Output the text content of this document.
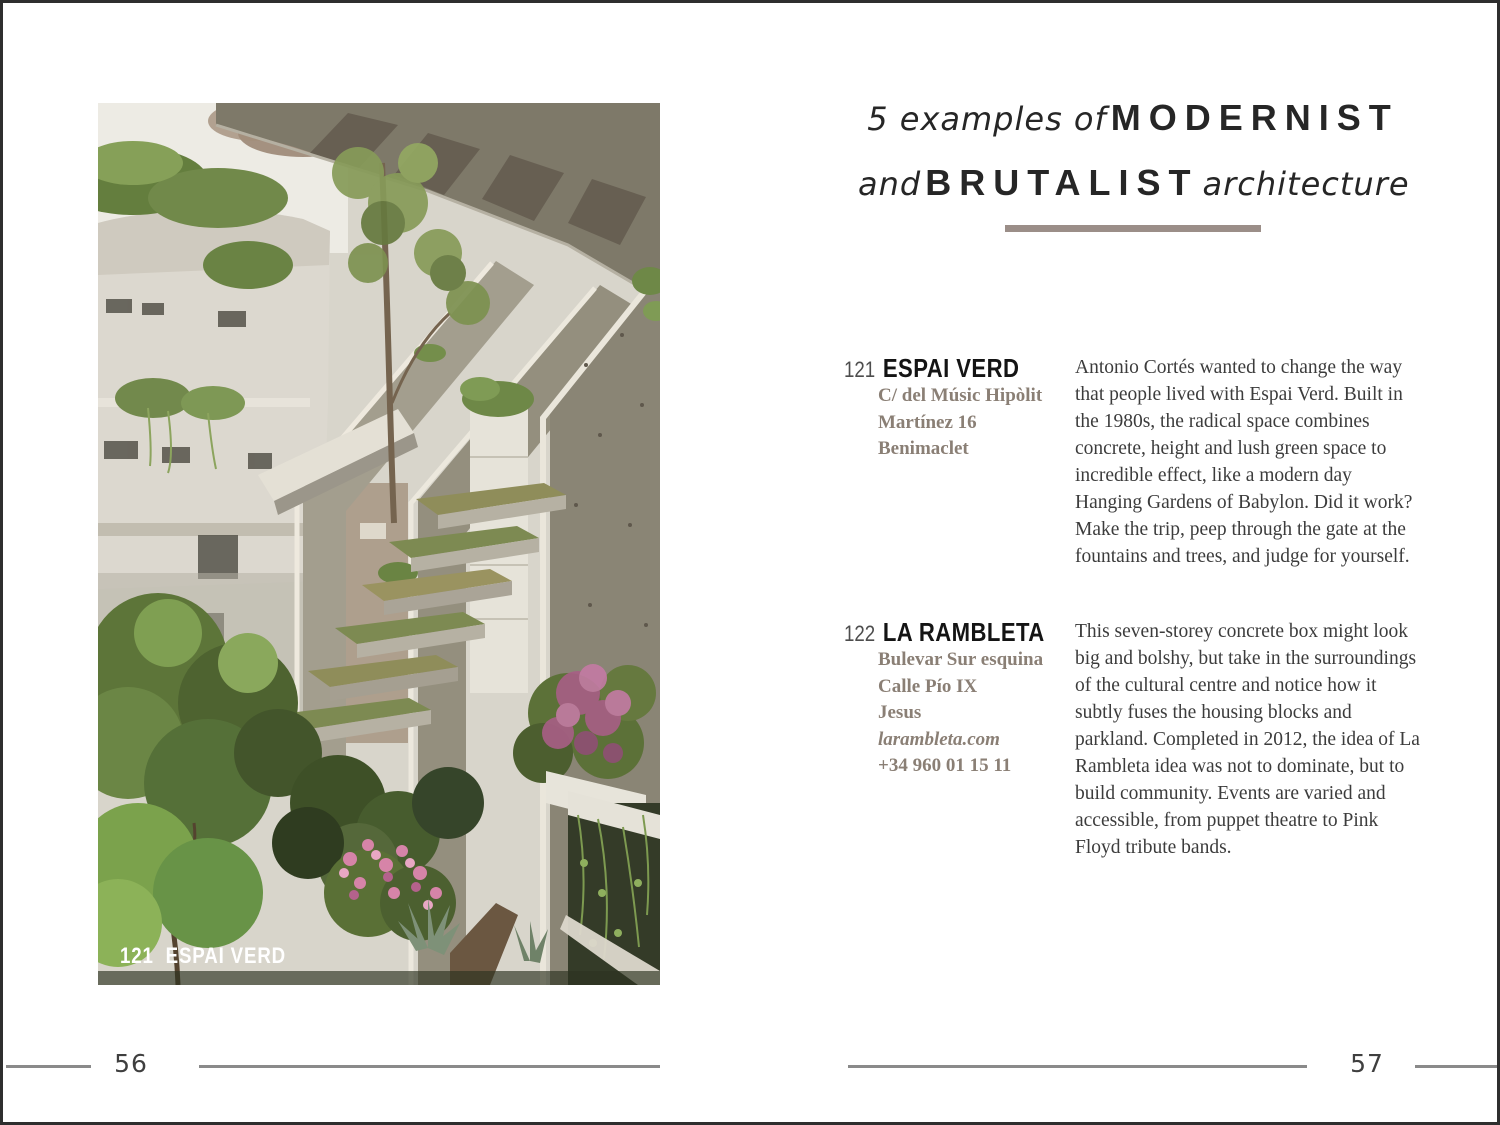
121 ESPAI VERD
5 examples of MODERNIST
and BRUTALIST architecture
121 ESPAI VERD
C/ del Músic Hipòlit
Martínez 16
Benimaclet
Antonio Cortés wanted to change the way that people lived with Espai Verd. Built in the 1980s, the radical space combines concrete, height and lush green space to incredible effect, like a modern day Hanging Gardens of Babylon. Did it work? Make the trip, peep through the gate at the fountains and trees, and judge for yourself.
122 LA RAMBLETA
Bulevar Sur esquina
Calle Pío IX
Jesus
larambleta.com
+34 960 01 15 11
This seven-storey concrete box might look big and bolshy, but take in the surroundings of the cultural centre and notice how it subtly fuses the housing blocks and parkland. Completed in 2012, the idea of La Rambleta idea was not to dominate, but to build community. Events are varied and accessible, from puppet theatre to Pink Floyd tribute bands.
56	57
